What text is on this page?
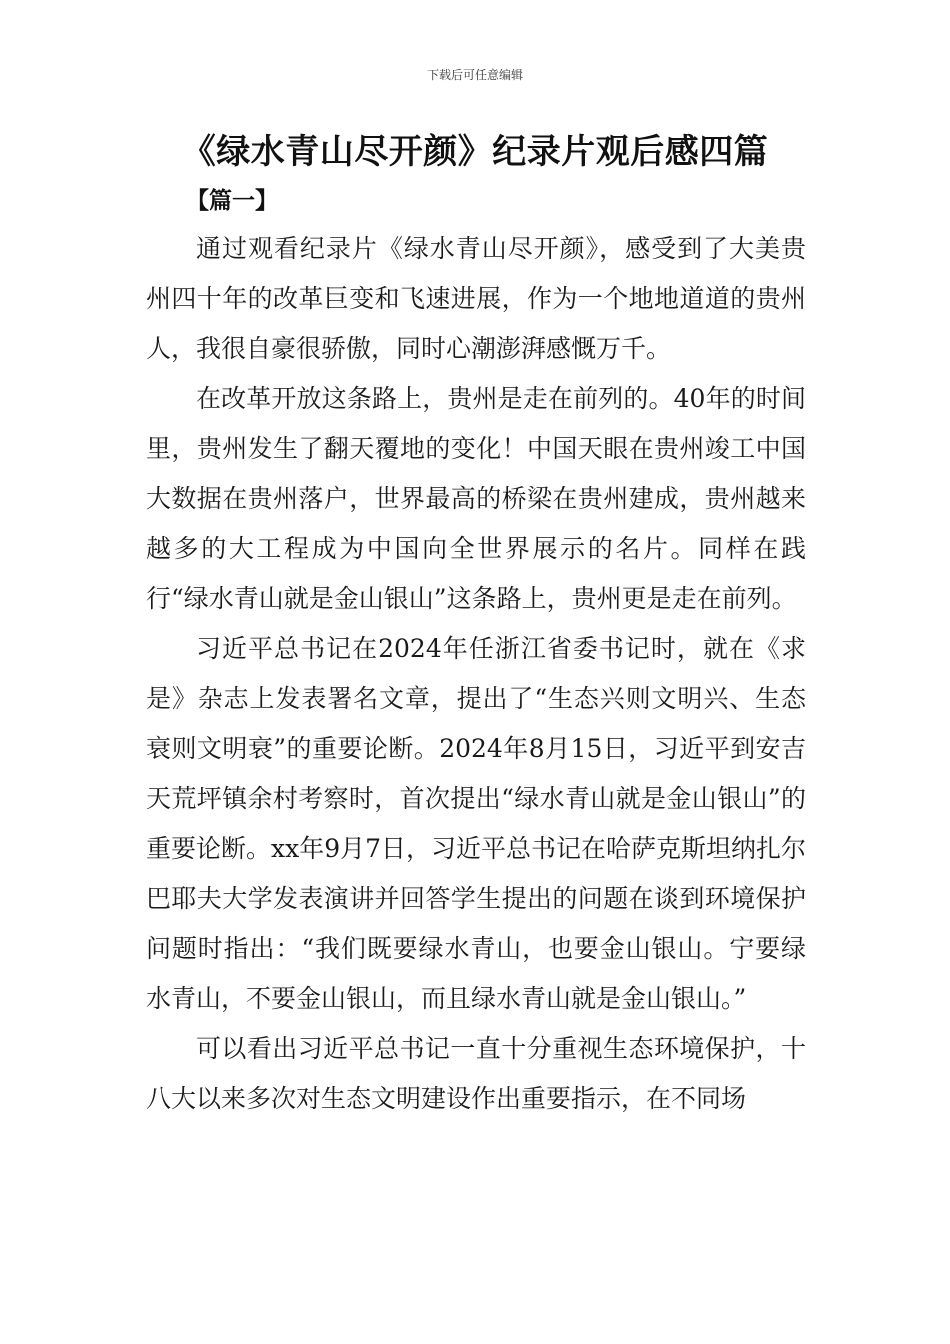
下载后可任意编辑
《绿水青山尽开颜》纪录片观后感四篇
【篇一】

通过观看纪录片《绿水青山尽开颜》，感受到了大美贵州四十年的改革巨变和飞速进展，作为一个地地道道的贵州人，我很自豪很骄傲，同时心潮澎湃感慨万千。

在改革开放这条路上，贵州是走在前列的。40年的时间里，贵州发生了翻天覆地的变化！中国天眼在贵州竣工中国大数据在贵州落户，世界最高的桥梁在贵州建成，贵州越来越多的大工程成为中国向全世界展示的名片。同样在践行“绿水青山就是金山银山”这条路上，贵州更是走在前列。

习近平总书记在2024年任浙江省委书记时，就在《求是》杂志上发表署名文章，提出了“生态兴则文明兴、生态衰则文明衰”的重要论断。2024年8月15日，习近平到安吉天荒坪镇余村考察时，首次提出“绿水青山就是金山银山”的重要论断。xx年9月7日，习近平总书记在哈萨克斯坦纳扎尔巴耶夫大学发表演讲并回答学生提出的问题在谈到环境保护问题时指出：“我们既要绿水青山，也要金山银山。宁要绿水青山，不要金山银山，而且绿水青山就是金山银山。”

可以看出习近平总书记一直十分重视生态环境保护，十八大以来多次对生态文明建设作出重要指示，在不同场
